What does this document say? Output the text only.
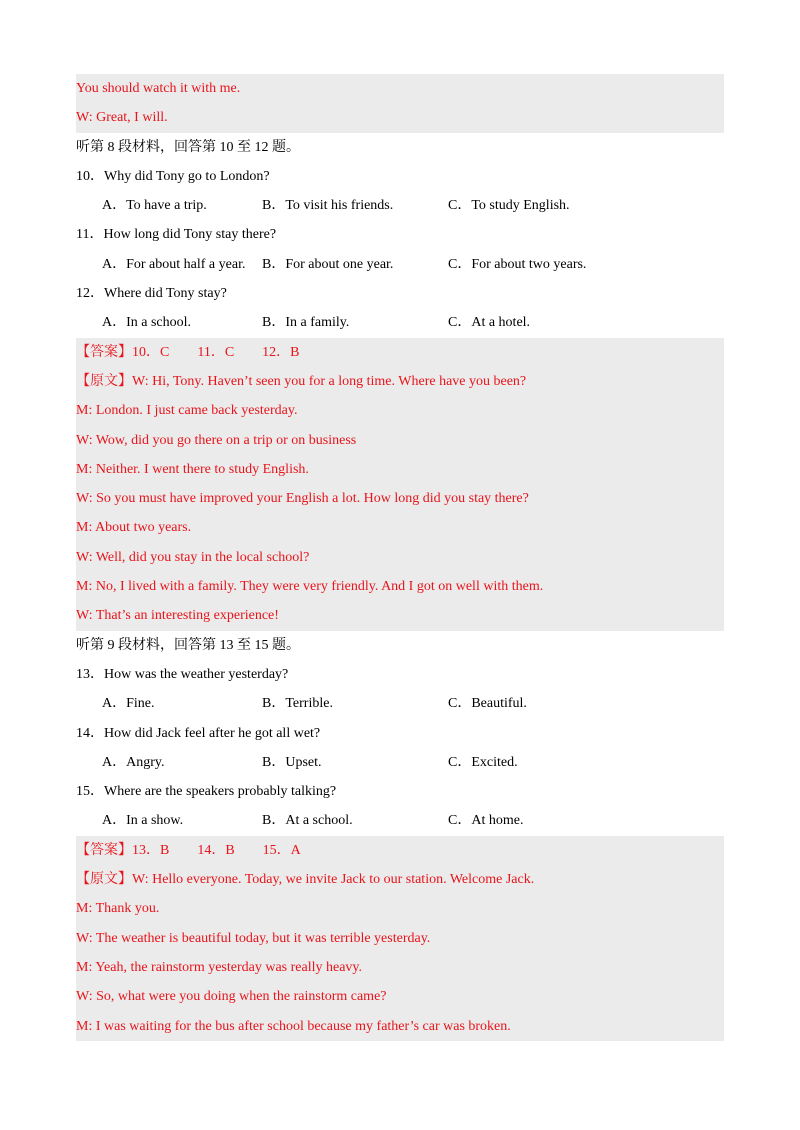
You should watch it with me.
W: Great, I will.
听第 8 段材料，回答第 10 至 12 题。
10．Why did Tony go to London?
A．To have a trip.	B．To visit his friends.	C．To study English.
11．How long did Tony stay there?
A．For about half a year.	B．For about one year.	C．For about two years.
12．Where did Tony stay?
A．In a school.	B．In a family.	C．At a hotel.
【答案】10．C　　11．C　　12．B
【原文】W: Hi, Tony. Haven’t seen you for a long time. Where have you been?
M: London. I just came back yesterday.
W: Wow, did you go there on a trip or on business
M: Neither. I went there to study English.
W: So you must have improved your English a lot. How long did you stay there?
M: About two years.
W: Well, did you stay in the local school?
M: No, I lived with a family. They were very friendly. And I got on well with them.
W: That’s an interesting experience!
听第 9 段材料，回答第 13 至 15 题。
13．How was the weather yesterday?
A．Fine.	B．Terrible.	C．Beautiful.
14．How did Jack feel after he got all wet?
A．Angry.	B．Upset.	C．Excited.
15．Where are the speakers probably talking?
A．In a show.	B．At a school.	C．At home.
【答案】13．B　　14．B　　15．A
【原文】W: Hello everyone. Today, we invite Jack to our station. Welcome Jack.
M: Thank you.
W: The weather is beautiful today, but it was terrible yesterday.
M: Yeah, the rainstorm yesterday was really heavy.
W: So, what were you doing when the rainstorm came?
M: I was waiting for the bus after school because my father’s car was broken.
